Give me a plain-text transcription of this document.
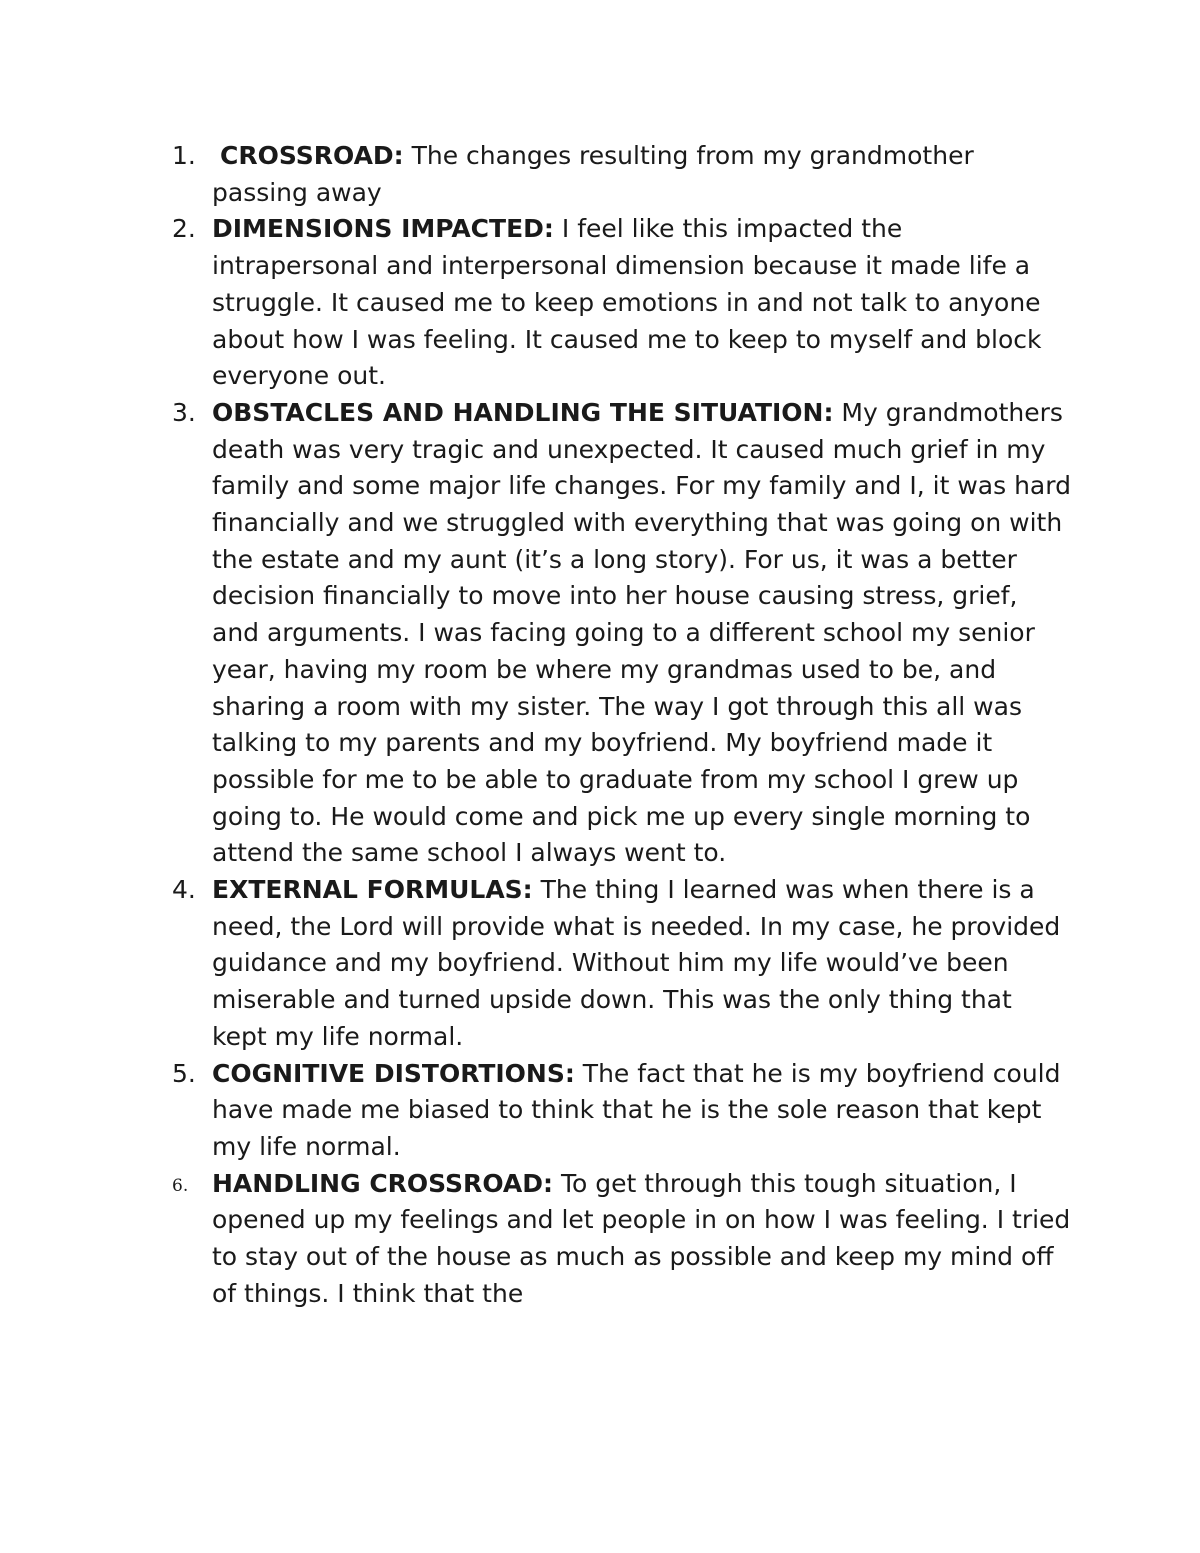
1. CROSSROAD: The changes resulting from my grandmother passing away
2. DIMENSIONS IMPACTED: I feel like this impacted the intrapersonal and interpersonal dimension because it made life a struggle. It caused me to keep emotions in and not talk to anyone about how I was feeling. It caused me to keep to myself and block everyone out.
3. OBSTACLES AND HANDLING THE SITUATION: My grandmothers death was very tragic and unexpected. It caused much grief in my family and some major life changes. For my family and I, it was hard financially and we struggled with everything that was going on with the estate and my aunt (it’s a long story). For us, it was a better decision financially to move into her house causing stress, grief, and arguments. I was facing going to a different school my senior year, having my room be where my grandmas used to be, and sharing a room with my sister. The way I got through this all was talking to my parents and my boyfriend. My boyfriend made it possible for me to be able to graduate from my school I grew up going to. He would come and pick me up every single morning to attend the same school I always went to.
4. EXTERNAL FORMULAS: The thing I learned was when there is a need, the Lord will provide what is needed. In my case, he provided guidance and my boyfriend. Without him my life would’ve been miserable and turned upside down. This was the only thing that kept my life normal.
5. COGNITIVE DISTORTIONS: The fact that he is my boyfriend could have made me biased to think that he is the sole reason that kept my life normal.
6. HANDLING CROSSROAD: To get through this tough situation, I opened up my feelings and let people in on how I was feeling. I tried to stay out of the house as much as possible and keep my mind off of things. I think that the
